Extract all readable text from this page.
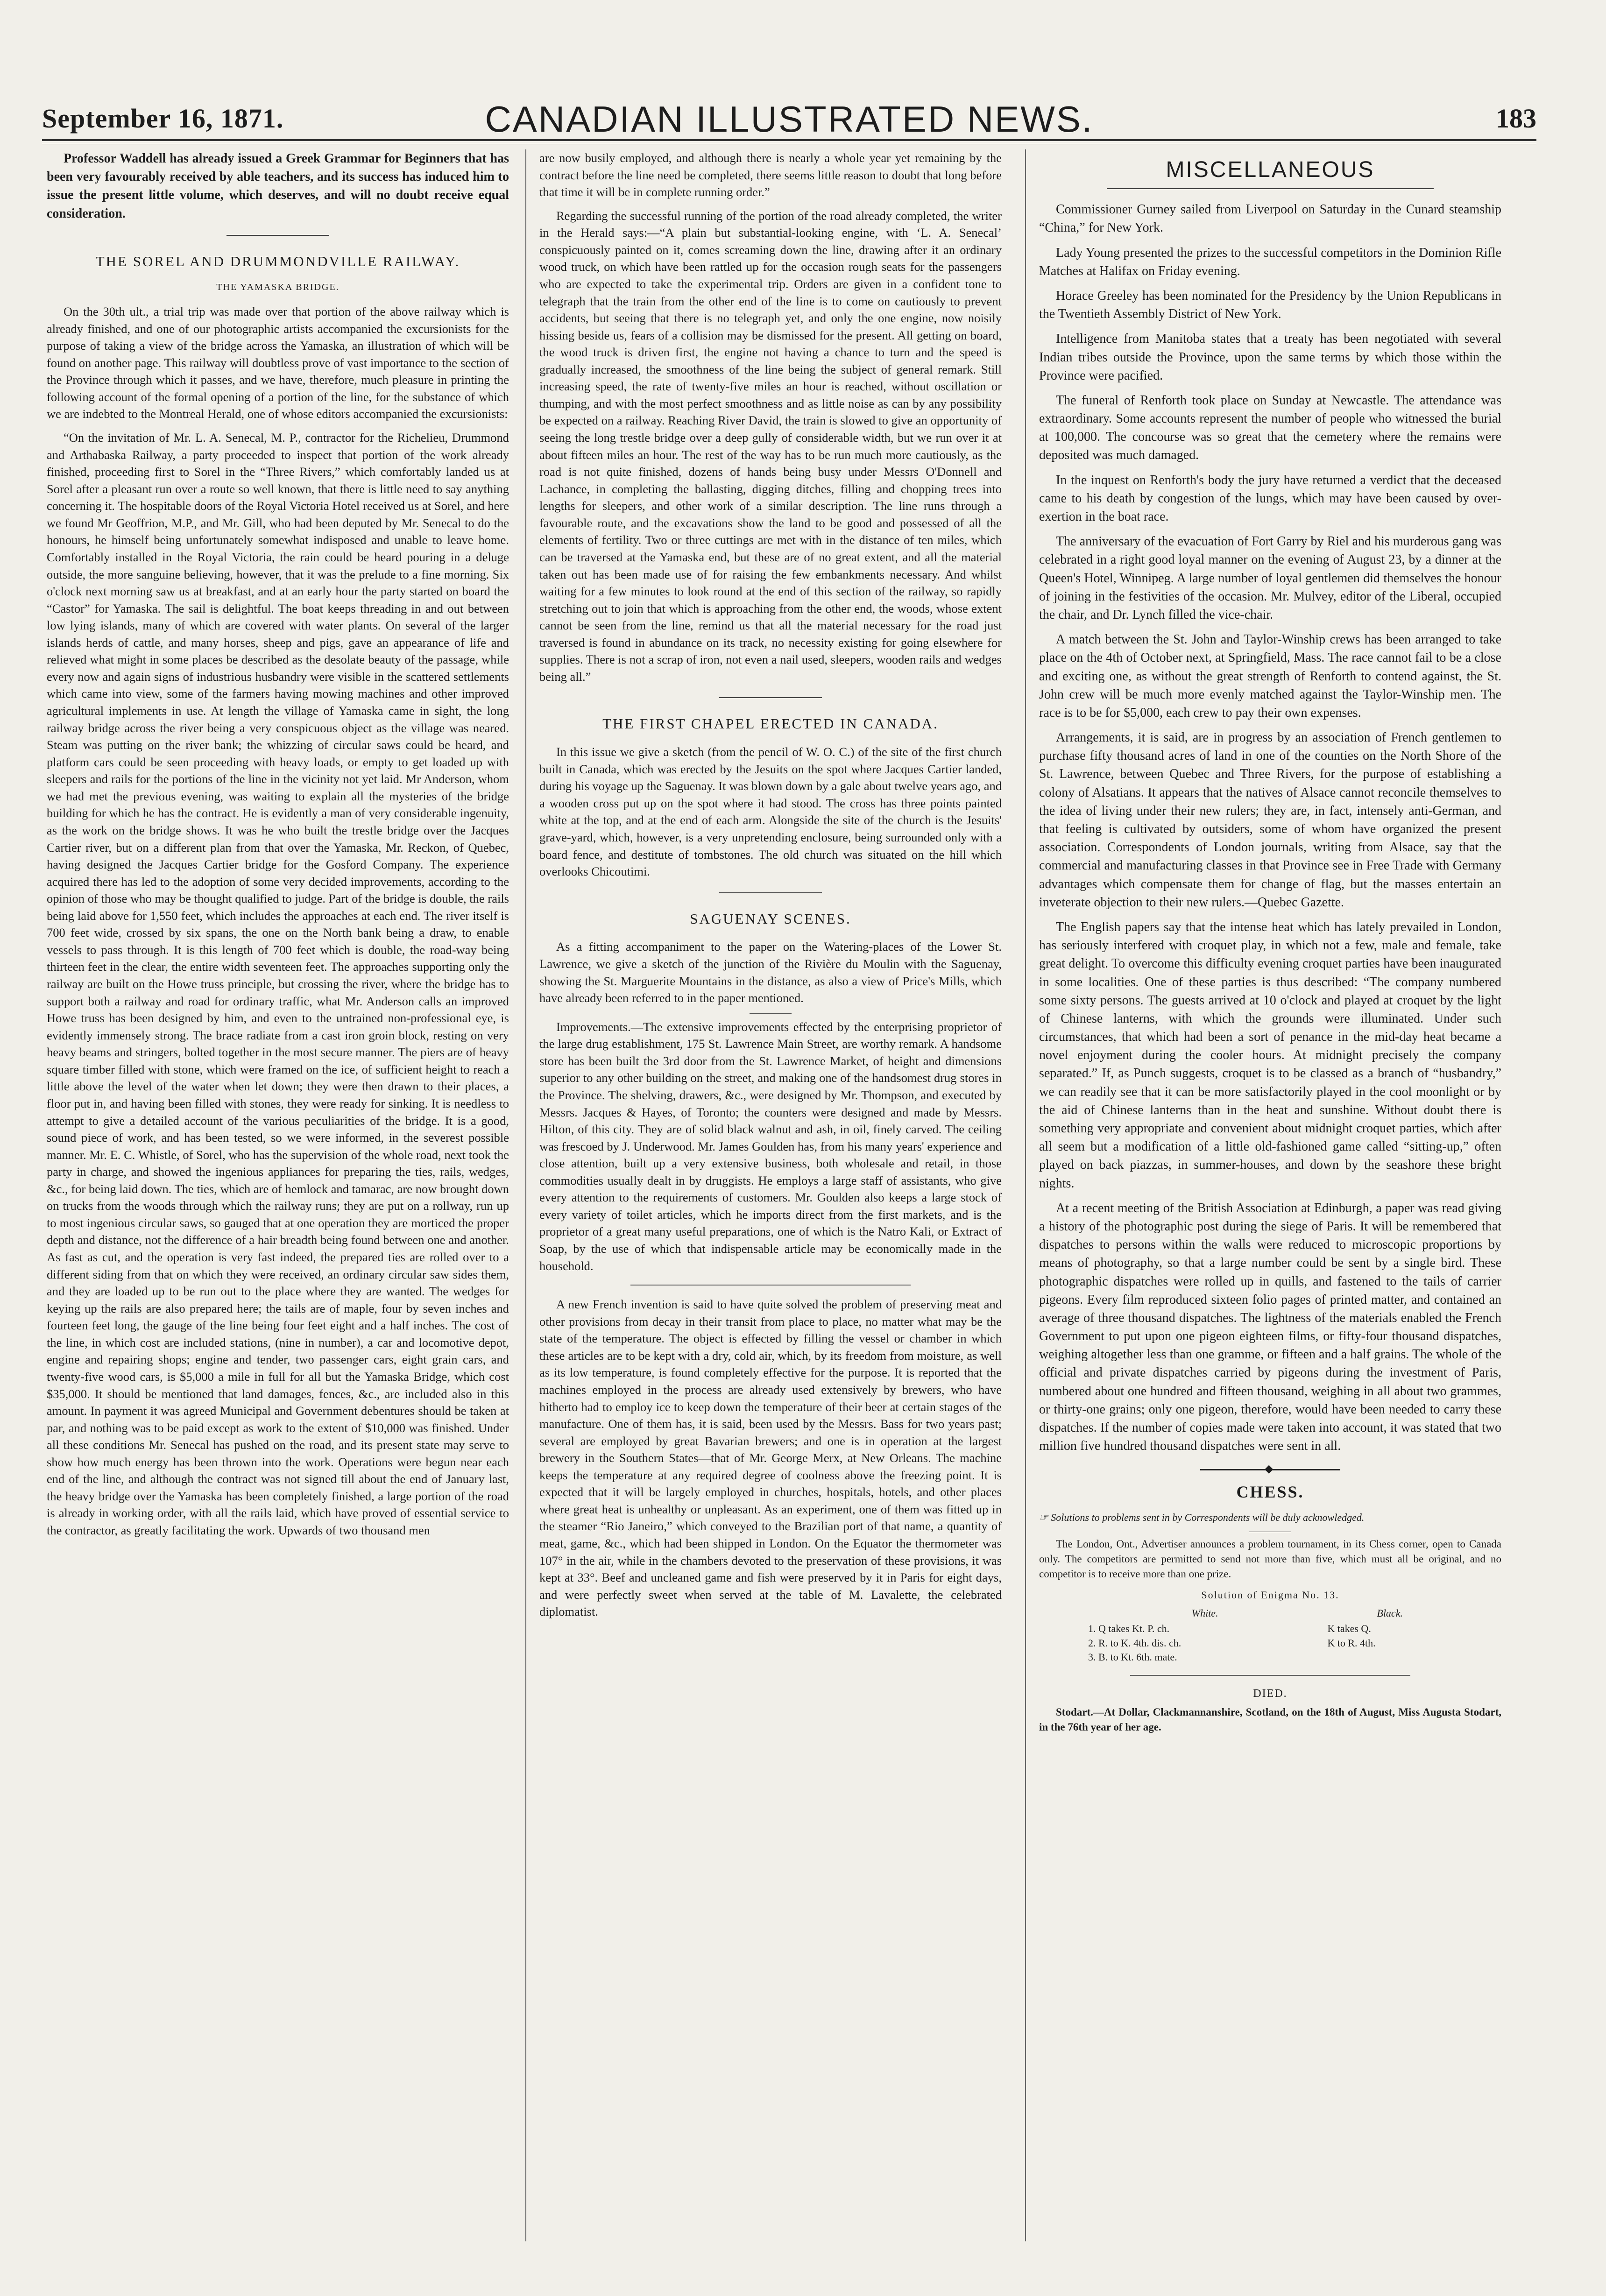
September 16, 1871.	CANADIAN ILLUSTRATED NEWS.	183

Professor Waddell has already issued a Greek Grammar for Beginners that has been very favourably received by able teachers, and its success has induced him to issue the present little volume, which deserves, and will no doubt receive equal consideration.

THE SOREL AND DRUMMONDVILLE RAILWAY.
THE YAMASKA BRIDGE.

On the 30th ult., a trial trip was made over that portion of the above railway which is already finished, and one of our photographic artists accompanied the excursionists for the purpose of taking a view of the bridge across the Yamaska, an illustration of which will be found on another page. This railway will doubtless prove of vast importance to the section of the Province through which it passes, and we have, therefore, much pleasure in printing the following account of the formal opening of a portion of the line, for the substance of which we are indebted to the Montreal Herald, one of whose editors accompanied the excursionists:

“On the invitation of Mr. L. A. Senecal, M. P., contractor for the Richelieu, Drummond and Arthabaska Railway, a party proceeded to inspect that portion of the work already finished, proceeding first to Sorel in the “Three Rivers,” which comfortably landed us at Sorel after a pleasant run over a route so well known, that there is little need to say anything concerning it. The hospitable doors of the Royal Victoria Hotel received us at Sorel, and here we found Mr Geoffrion, M.P., and Mr. Gill, who had been deputed by Mr. Senecal to do the honours, he himself being unfortunately somewhat indisposed and unable to leave home. Comfortably installed in the Royal Victoria, the rain could be heard pouring in a deluge outside, the more sanguine believing, however, that it was the prelude to a fine morning. Six o'clock next morning saw us at breakfast, and at an early hour the party started on board the “Castor” for Yamaska. The sail is delightful. The boat keeps threading in and out between low lying islands, many of which are covered with water plants. On several of the larger islands herds of cattle, and many horses, sheep and pigs, gave an appearance of life and relieved what might in some places be described as the desolate beauty of the passage, while every now and again signs of industrious husbandry were visible in the scattered settlements which came into view, some of the farmers having mowing machines and other improved agricultural implements in use. At length the village of Yamaska came in sight, the long railway bridge across the river being a very conspicuous object as the village was neared. Steam was putting on the river bank; the whizzing of circular saws could be heard, and platform cars could be seen proceeding with heavy loads, or empty to get loaded up with sleepers and rails for the portions of the line in the vicinity not yet laid. Mr Anderson, whom we had met the previous evening, was waiting to explain all the mysteries of the bridge building for which he has the contract. He is evidently a man of very considerable ingenuity, as the work on the bridge shows. It was he who built the trestle bridge over the Jacques Cartier river, but on a different plan from that over the Yamaska, Mr. Reckon, of Quebec, having designed the Jacques Cartier bridge for the Gosford Company. The experience acquired there has led to the adoption of some very decided improvements, according to the opinion of those who may be thought qualified to judge. Part of the bridge is double, the rails being laid above for 1,550 feet, which includes the approaches at each end. The river itself is 700 feet wide, crossed by six spans, the one on the North bank being a draw, to enable vessels to pass through. It is this length of 700 feet which is double, the road-way being thirteen feet in the clear, the entire width seventeen feet. The approaches supporting only the railway are built on the Howe truss principle, but crossing the river, where the bridge has to support both a railway and road for ordinary traffic, what Mr. Anderson calls an improved Howe truss has been designed by him, and even to the untrained non-professional eye, is evidently immensely strong. The brace radiate from a cast iron groin block, resting on very heavy beams and stringers, bolted together in the most secure manner. The piers are of heavy square timber filled with stone, which were framed on the ice, of sufficient height to reach a little above the level of the water when let down; they were then drawn to their places, a floor put in, and having been filled with stones, they were ready for sinking. It is needless to attempt to give a detailed account of the various peculiarities of the bridge. It is a good, sound piece of work, and has been tested, so we were informed, in the severest possible manner. Mr. E. C. Whistle, of Sorel, who has the supervision of the whole road, next took the party in charge, and showed the ingenious appliances for preparing the ties, rails, wedges, &c., for being laid down. The ties, which are of hemlock and tamarac, are now brought down on trucks from the woods through which the railway runs; they are put on a rollway, run up to most ingenious circular saws, so gauged that at one operation they are morticed the proper depth and distance, not the difference of a hair breadth being found between one and another. As fast as cut, and the operation is very fast indeed, the prepared ties are rolled over to a different siding from that on which they were received, an ordinary circular saw sides them, and they are loaded up to be run out to the place where they are wanted. The wedges for keying up the rails are also prepared here; the tails are of maple, four by seven inches and fourteen feet long, the gauge of the line being four feet eight and a half inches. The cost of the line, in which cost are included stations, (nine in number), a car and locomotive depot, engine and repairing shops; engine and tender, two passenger cars, eight grain cars, and twenty-five wood cars, is $5,000 a mile in full for all but the Yamaska Bridge, which cost $35,000. It should be mentioned that land damages, fences, &c., are included also in this amount. In payment it was agreed Municipal and Government debentures should be taken at par, and nothing was to be paid except as work to the extent of $10,000 was finished. Under all these conditions Mr. Senecal has pushed on the road, and its present state may serve to show how much energy has been thrown into the work. Operations were begun near each end of the line, and although the contract was not signed till about the end of January last, the heavy bridge over the Yamaska has been completely finished, a large portion of the road is already in working order, with all the rails laid, which have proved of essential service to the contractor, as greatly facilitating the work. Upwards of two thousand men

are now busily employed, and although there is nearly a whole year yet remaining by the contract before the line need be completed, there seems little reason to doubt that long before that time it will be in complete running order.”

Regarding the successful running of the portion of the road already completed, the writer in the Herald says:—“A plain but substantial-looking engine, with ‘L. A. Senecal’ conspicuously painted on it, comes screaming down the line, drawing after it an ordinary wood truck, on which have been rattled up for the occasion rough seats for the passengers who are expected to take the experimental trip. Orders are given in a confident tone to telegraph that the train from the other end of the line is to come on cautiously to prevent accidents, but seeing that there is no telegraph yet, and only the one engine, now noisily hissing beside us, fears of a collision may be dismissed for the present. All getting on board, the wood truck is driven first, the engine not having a chance to turn and the speed is gradually increased, the smoothness of the line being the subject of general remark. Still increasing speed, the rate of twenty-five miles an hour is reached, without oscillation or thumping, and with the most perfect smoothness and as little noise as can by any possibility be expected on a railway. Reaching River David, the train is slowed to give an opportunity of seeing the long trestle bridge over a deep gully of considerable width, but we run over it at about fifteen miles an hour. The rest of the way has to be run much more cautiously, as the road is not quite finished, dozens of hands being busy under Messrs O'Donnell and Lachance, in completing the ballasting, digging ditches, filling and chopping trees into lengths for sleepers, and other work of a similar description. The line runs through a favourable route, and the excavations show the land to be good and possessed of all the elements of fertility. Two or three cuttings are met with in the distance of ten miles, which can be traversed at the Yamaska end, but these are of no great extent, and all the material taken out has been made use of for raising the few embankments necessary. And whilst waiting for a few minutes to look round at the end of this section of the railway, so rapidly stretching out to join that which is approaching from the other end, the woods, whose extent cannot be seen from the line, remind us that all the material necessary for the road just traversed is found in abundance on its track, no necessity existing for going elsewhere for supplies. There is not a scrap of iron, not even a nail used, sleepers, wooden rails and wedges being all.”

THE FIRST CHAPEL ERECTED IN CANADA.

In this issue we give a sketch (from the pencil of W. O. C.) of the site of the first church built in Canada, which was erected by the Jesuits on the spot where Jacques Cartier landed, during his voyage up the Saguenay. It was blown down by a gale about twelve years ago, and a wooden cross put up on the spot where it had stood. The cross has three points painted white at the top, and at the end of each arm. Alongside the site of the church is the Jesuits' grave-yard, which, however, is a very unpretending enclosure, being surrounded only with a board fence, and destitute of tombstones. The old church was situated on the hill which overlooks Chicoutimi.

SAGUENAY SCENES.

As a fitting accompaniment to the paper on the Watering-places of the Lower St. Lawrence, we give a sketch of the junction of the Rivière du Moulin with the Saguenay, showing the St. Marguerite Mountains in the distance, as also a view of Price's Mills, which have already been referred to in the paper mentioned.

Improvements.—The extensive improvements effected by the enterprising proprietor of the large drug establishment, 175 St. Lawrence Main Street, are worthy remark. A handsome store has been built the 3rd door from the St. Lawrence Market, of height and dimensions superior to any other building on the street, and making one of the handsomest drug stores in the Province. The shelving, drawers, &c., were designed by Mr. Thompson, and executed by Messrs. Jacques & Hayes, of Toronto; the counters were designed and made by Messrs. Hilton, of this city. They are of solid black walnut and ash, in oil, finely carved. The ceiling was frescoed by J. Underwood. Mr. James Goulden has, from his many years' experience and close attention, built up a very extensive business, both wholesale and retail, in those commodities usually dealt in by druggists. He employs a large staff of assistants, who give every attention to the requirements of customers. Mr. Goulden also keeps a large stock of every variety of toilet articles, which he imports direct from the first markets, and is the proprietor of a great many useful preparations, one of which is the Natro Kali, or Extract of Soap, by the use of which that indispensable article may be economically made in the household.

A new French invention is said to have quite solved the problem of preserving meat and other provisions from decay in their transit from place to place, no matter what may be the state of the temperature. The object is effected by filling the vessel or chamber in which these articles are to be kept with a dry, cold air, which, by its freedom from moisture, as well as its low temperature, is found completely effective for the purpose. It is reported that the machines employed in the process are already used extensively by brewers, who have hitherto had to employ ice to keep down the temperature of their beer at certain stages of the manufacture. One of them has, it is said, been used by the Messrs. Bass for two years past; several are employed by great Bavarian brewers; and one is in operation at the largest brewery in the Southern States—that of Mr. George Merx, at New Orleans. The machine keeps the temperature at any required degree of coolness above the freezing point. It is expected that it will be largely employed in churches, hospitals, hotels, and other places where great heat is unhealthy or unpleasant. As an experiment, one of them was fitted up in the steamer “Rio Janeiro,” which conveyed to the Brazilian port of that name, a quantity of meat, game, &c., which had been shipped in London. On the Equator the thermometer was 107° in the air, while in the chambers devoted to the preservation of these provisions, it was kept at 33°. Beef and uncleaned game and fish were preserved by it in Paris for eight days, and were perfectly sweet when served at the table of M. Lavalette, the celebrated diplomatist.

MISCELLANEOUS

Commissioner Gurney sailed from Liverpool on Saturday in the Cunard steamship “China,” for New York.

Lady Young presented the prizes to the successful competitors in the Dominion Rifle Matches at Halifax on Friday evening.

Horace Greeley has been nominated for the Presidency by the Union Republicans in the Twentieth Assembly District of New York.

Intelligence from Manitoba states that a treaty has been negotiated with several Indian tribes outside the Province, upon the same terms by which those within the Province were pacified.

The funeral of Renforth took place on Sunday at Newcastle. The attendance was extraordinary. Some accounts represent the number of people who witnessed the burial at 100,000. The concourse was so great that the cemetery where the remains were deposited was much damaged.

In the inquest on Renforth's body the jury have returned a verdict that the deceased came to his death by congestion of the lungs, which may have been caused by over-exertion in the boat race.

The anniversary of the evacuation of Fort Garry by Riel and his murderous gang was celebrated in a right good loyal manner on the evening of August 23, by a dinner at the Queen's Hotel, Winnipeg. A large number of loyal gentlemen did themselves the honour of joining in the festivities of the occasion. Mr. Mulvey, editor of the Liberal, occupied the chair, and Dr. Lynch filled the vice-chair.

A match between the St. John and Taylor-Winship crews has been arranged to take place on the 4th of October next, at Springfield, Mass. The race cannot fail to be a close and exciting one, as without the great strength of Renforth to contend against, the St. John crew will be much more evenly matched against the Taylor-Winship men. The race is to be for $5,000, each crew to pay their own expenses.

Arrangements, it is said, are in progress by an association of French gentlemen to purchase fifty thousand acres of land in one of the counties on the North Shore of the St. Lawrence, between Quebec and Three Rivers, for the purpose of establishing a colony of Alsatians. It appears that the natives of Alsace cannot reconcile themselves to the idea of living under their new rulers; they are, in fact, intensely anti-German, and that feeling is cultivated by outsiders, some of whom have organized the present association. Correspondents of London journals, writing from Alsace, say that the commercial and manufacturing classes in that Province see in Free Trade with Germany advantages which compensate them for change of flag, but the masses entertain an inveterate objection to their new rulers.—Quebec Gazette.

The English papers say that the intense heat which has lately prevailed in London, has seriously interfered with croquet play, in which not a few, male and female, take great delight. To overcome this difficulty evening croquet parties have been inaugurated in some localities. One of these parties is thus described: “The company numbered some sixty persons. The guests arrived at 10 o'clock and played at croquet by the light of Chinese lanterns, with which the grounds were illuminated. Under such circumstances, that which had been a sort of penance in the mid-day heat became a novel enjoyment during the cooler hours. At midnight precisely the company separated.” If, as Punch suggests, croquet is to be classed as a branch of “husbandry,” we can readily see that it can be more satisfactorily played in the cool moonlight or by the aid of Chinese lanterns than in the heat and sunshine. Without doubt there is something very appropriate and convenient about midnight croquet parties, which after all seem but a modification of a little old-fashioned game called “sitting-up,” often played on back piazzas, in summer-houses, and down by the seashore these bright nights.

At a recent meeting of the British Association at Edinburgh, a paper was read giving a history of the photographic post during the siege of Paris. It will be remembered that dispatches to persons within the walls were reduced to microscopic proportions by means of photography, so that a large number could be sent by a single bird. These photographic dispatches were rolled up in quills, and fastened to the tails of carrier pigeons. Every film reproduced sixteen folio pages of printed matter, and contained an average of three thousand dispatches. The lightness of the materials enabled the French Government to put upon one pigeon eighteen films, or fifty-four thousand dispatches, weighing altogether less than one gramme, or fifteen and a half grains. The whole of the official and private dispatches carried by pigeons during the investment of Paris, numbered about one hundred and fifteen thousand, weighing in all about two grammes, or thirty-one grains; only one pigeon, therefore, would have been needed to carry these dispatches. If the number of copies made were taken into account, it was stated that two million five hundred thousand dispatches were sent in all.

◆
CHESS.

☞ Solutions to problems sent in by Correspondents will be duly acknowledged.

The London, Ont., Advertiser announces a problem tournament, in its Chess corner, open to Canada only. The competitors are permitted to send not more than five, which must all be original, and no competitor is to receive more than one prize.

Solution of Enigma No. 13.
White.	Black.
1. Q takes Kt. P. ch.	K takes Q.
2. R. to K. 4th. dis. ch.	K to R. 4th.
3. B. to Kt. 6th. mate.	
DIED.

Stodart.—At Dollar, Clackmannanshire, Scotland, on the 18th of August, Miss Augusta Stodart, in the 76th year of her age.
